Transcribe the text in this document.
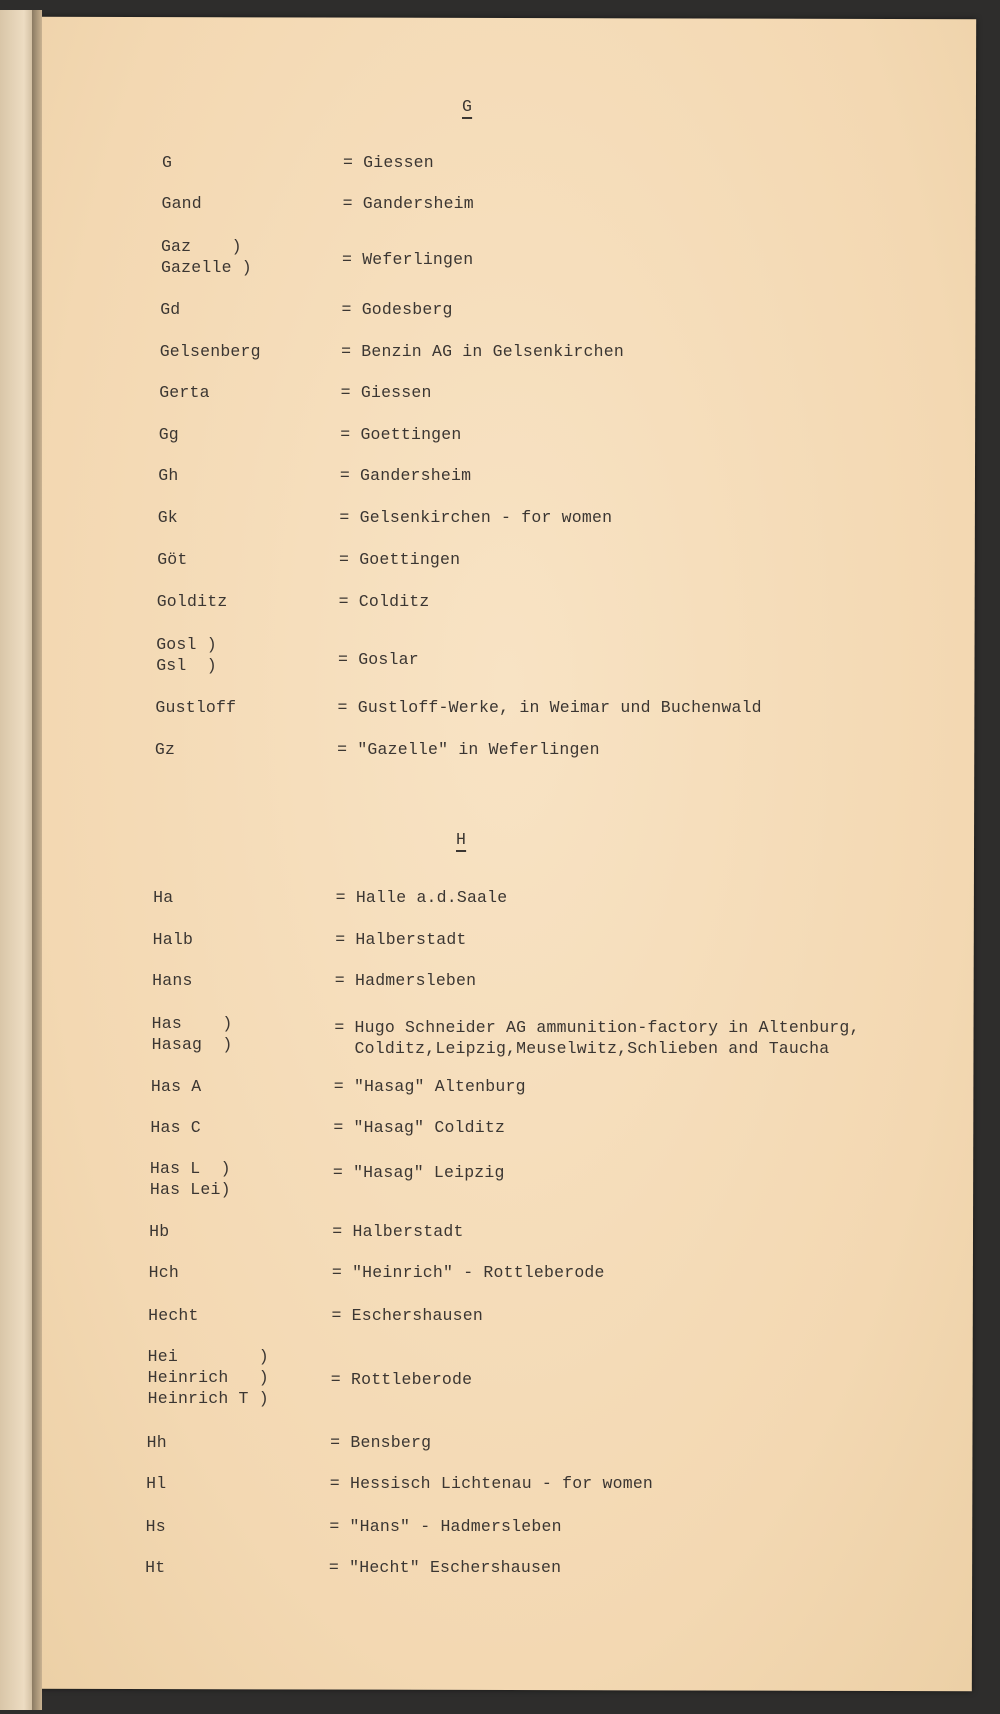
G
G	= Giessen
Gand	= Gandersheim
Gaz    )
Gazelle )	= Weferlingen
Gd	= Godesberg
Gelsenberg	= Benzin AG in Gelsenkirchen
Gerta	= Giessen
Gg	= Goettingen
Gh	= Gandersheim
Gk	= Gelsenkirchen - for women
Göt	= Goettingen
Golditz	= Colditz
Gosl )
Gsl  )	= Goslar
Gustloff	= Gustloff-Werke, in Weimar und Buchenwald
Gz	= "Gazelle" in Weferlingen
H
Ha	= Halle a.d.Saale
Halb	= Halberstadt
Hans	= Hadmersleben
Has    )
Hasag  )
= Hugo Schneider AG ammunition-factory in Altenburg,
Colditz,Leipzig,Meuselwitz,Schlieben and Taucha
Has A	= "Hasag" Altenburg
Has C	= "Hasag" Colditz
Has L  )
Has Lei)
= "Hasag" Leipzig
Hb	= Halberstadt
Hch	= "Heinrich" - Rottleberode
Hecht	= Eschershausen
Hei        )
Heinrich   )
Heinrich T )
= Rottleberode
Hh	= Bensberg
Hl	= Hessisch Lichtenau - for women
Hs	= "Hans" - Hadmersleben
Ht	= "Hecht" Eschershausen
